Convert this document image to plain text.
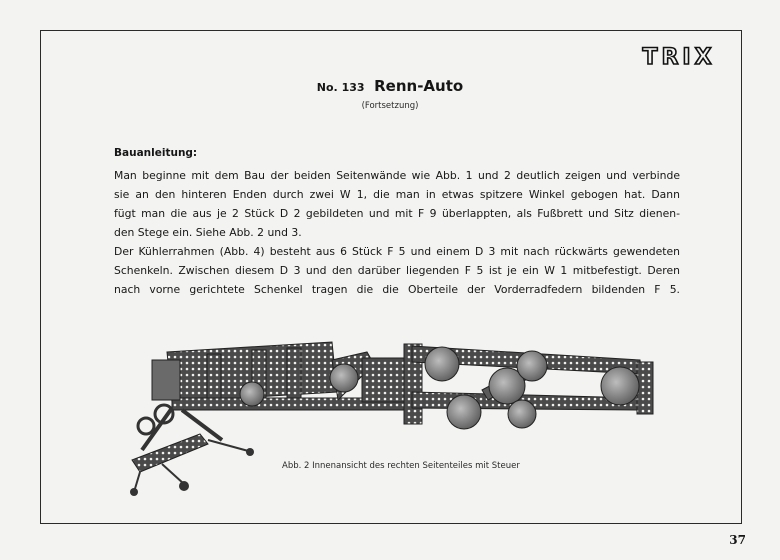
TRIX
No. 133 Renn-Auto
(Fortsetzung)
Bauanleitung:
Man beginne mit dem Bau der beiden Seitenwände wie Abb. 1 und 2 deutlich zeigen und verbinde
sie an den hinteren Enden durch zwei W 1, die man in etwas spitzere Winkel gebogen hat. Dann
fügt man die aus je 2 Stück D 2 gebildeten und mit F 9 überlappten, als Fußbrett und Sitz dienen-
den Stege ein. Siehe Abb. 2 und 3.
Der Kühlerrahmen (Abb. 4) besteht aus 6 Stück F 5 und einem D 3 mit nach rückwärts gewendeten
Schenkeln. Zwischen diesem D 3 und den darüber liegenden F 5 ist je ein W 1 mitbefestigt. Deren
nach vorne gerichtete Schenkel tragen die die Oberteile der Vorderradfedern bildenden F 5.
Abb. 2 Innenansicht des rechten Seitenteiles mit Steuer
37
